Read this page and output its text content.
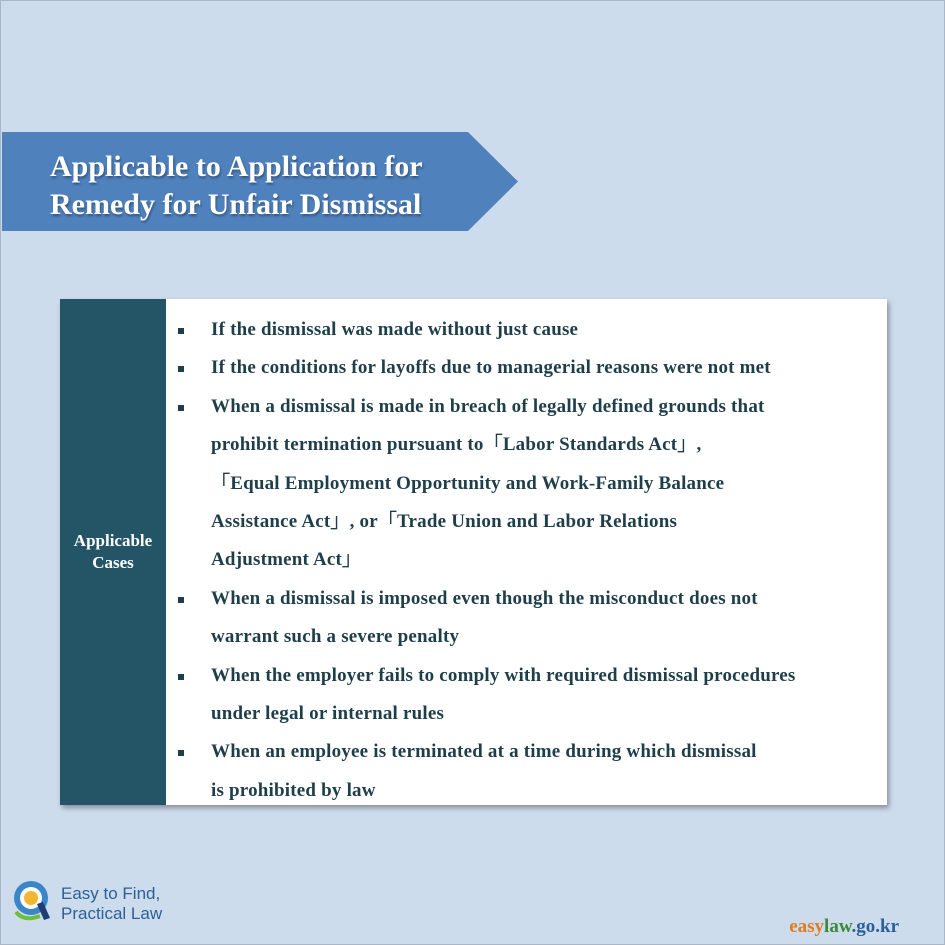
Applicable to Application for
Remedy for Unfair Dismissal
Applicable
Cases
If the dismissal was made without just cause
If the conditions for layoffs due to managerial reasons were not met
When a dismissal is made in breach of legally defined grounds that
prohibit termination pursuant to「Labor Standards Act」,
「Equal Employment Opportunity and Work-Family Balance
Assistance Act」, or「Trade Union and Labor Relations
Adjustment Act」
When a dismissal is imposed even though the misconduct does not
warrant such a severe penalty
When the employer fails to comply with required dismissal procedures
under legal or internal rules
When an employee is terminated at a time during which dismissal
is prohibited by law
Easy to Find,
Practical Law
easylaw.go.kr
